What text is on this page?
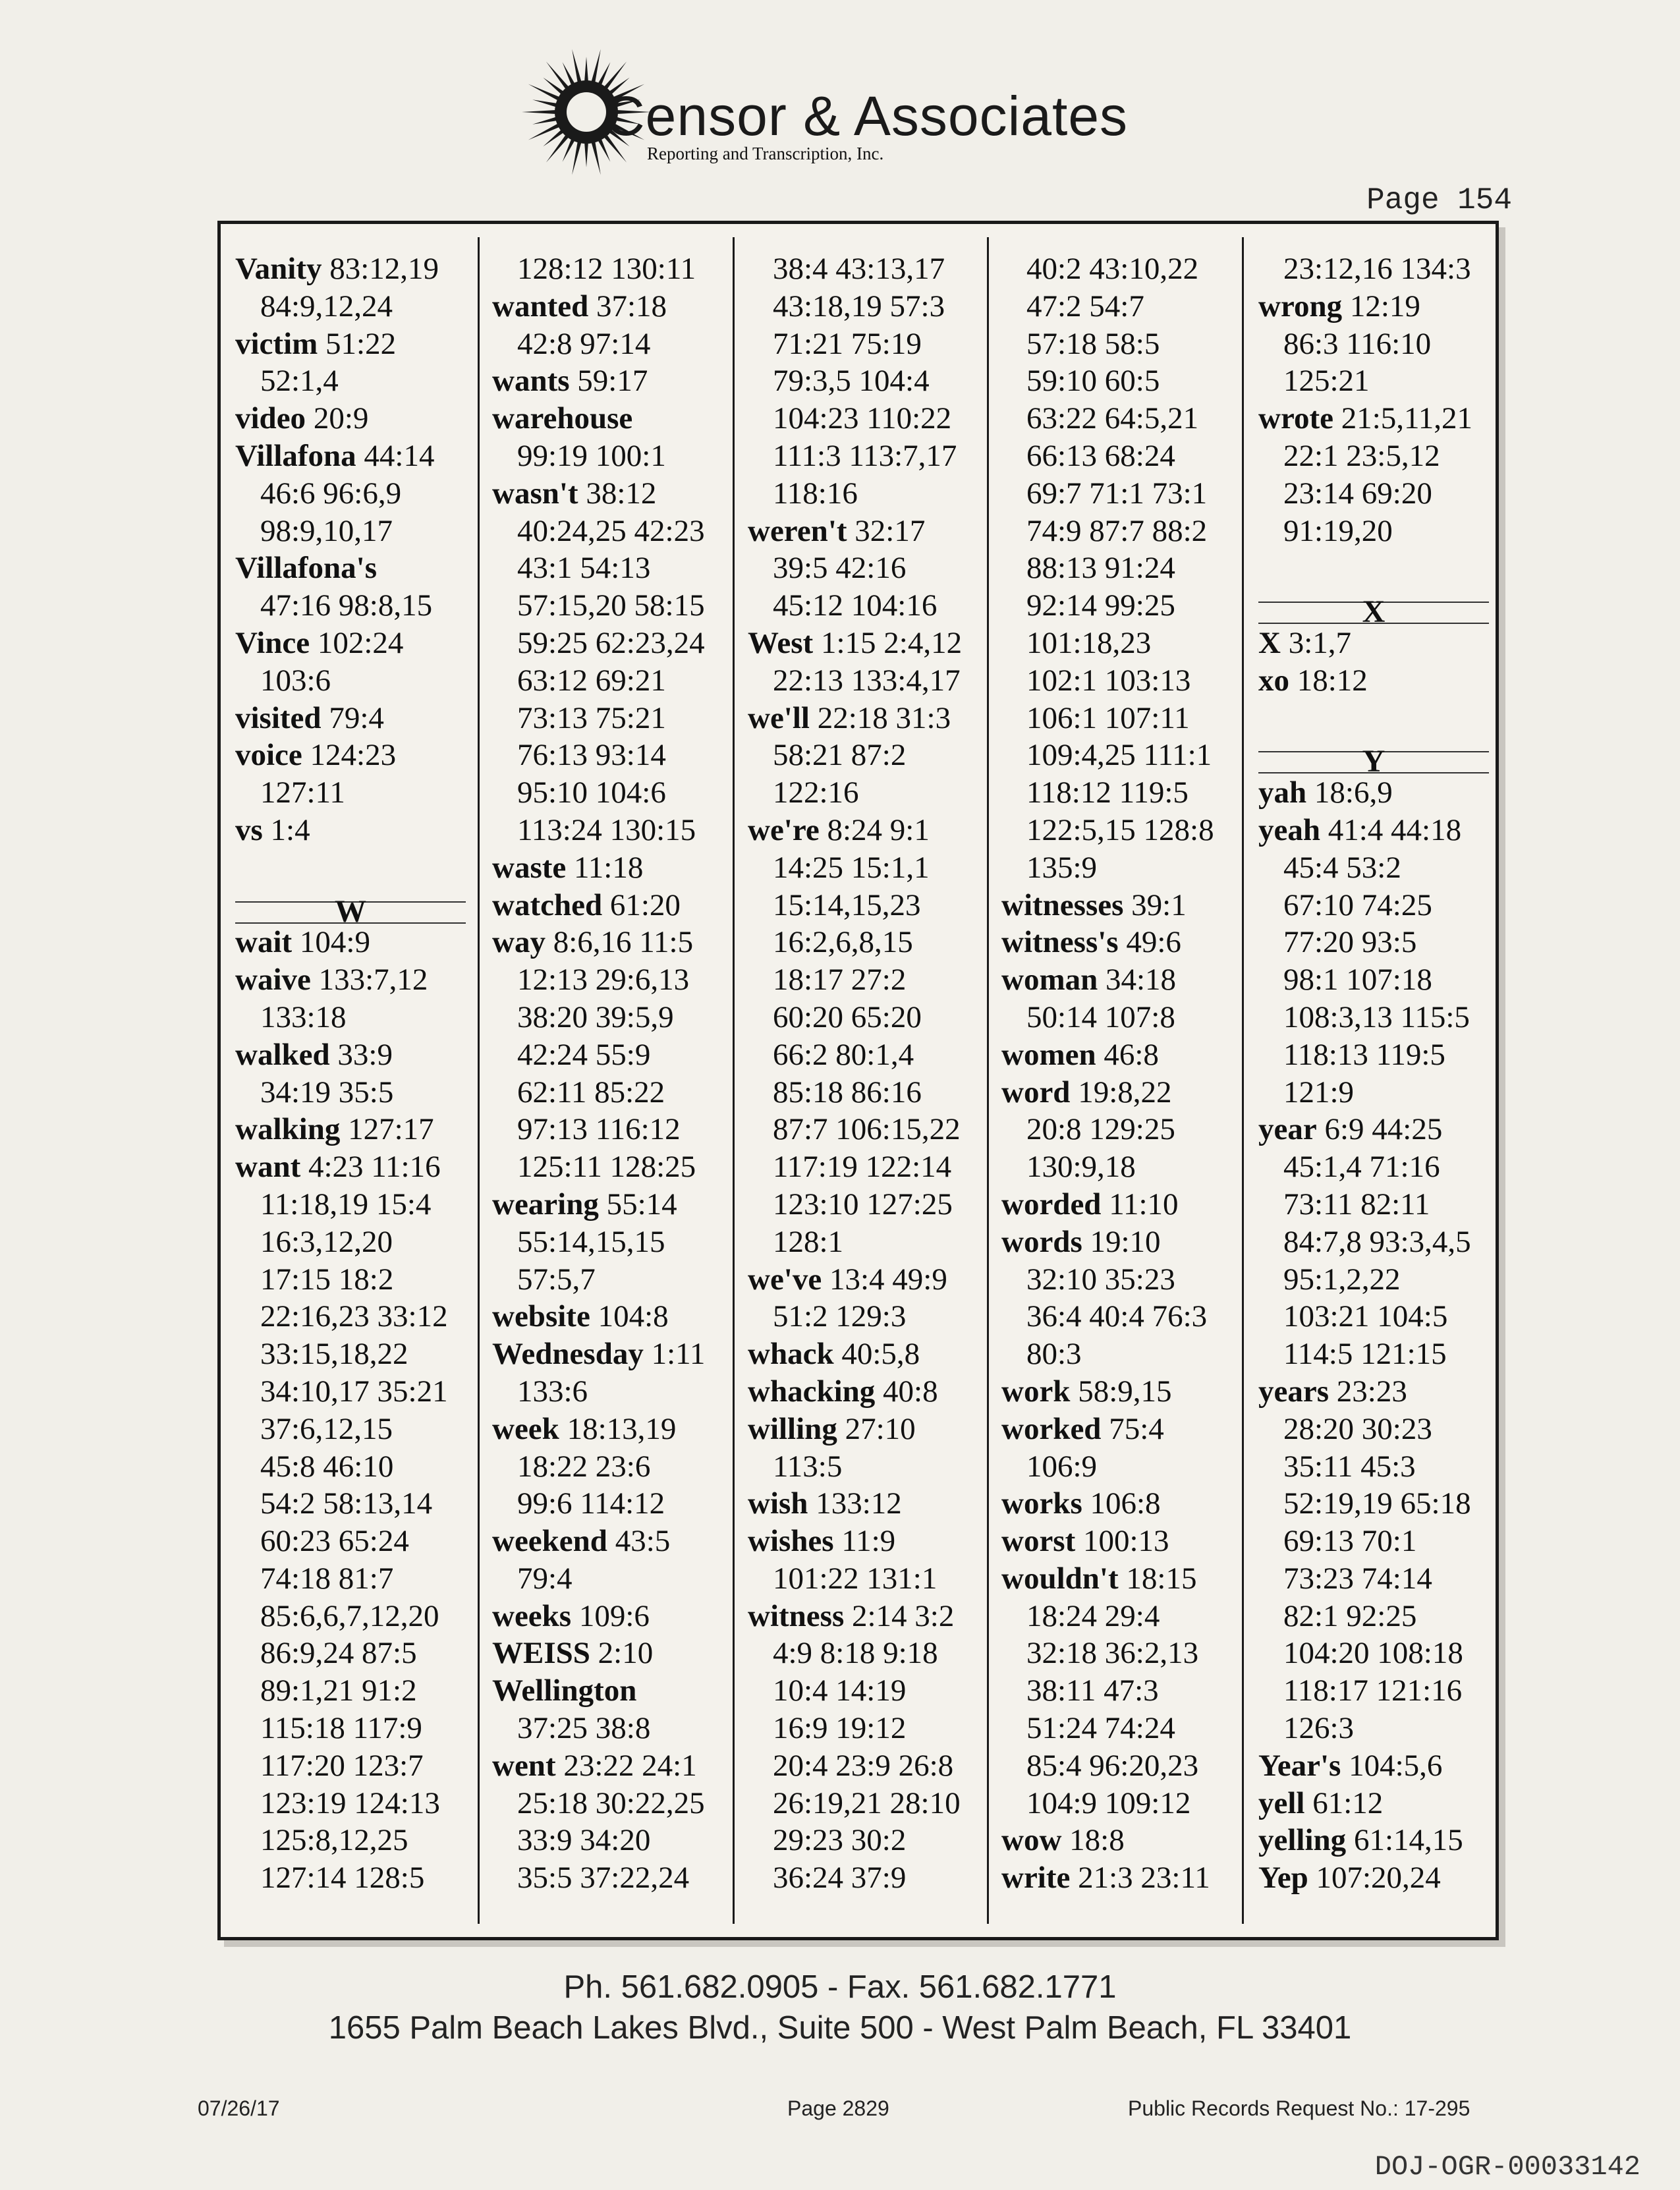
Censor & Associates
Reporting and Transcription, Inc.
Page 154
Vanity 83:12,19
84:9,12,24
victim 51:22
52:1,4
video 20:9
Villafona 44:14
46:6 96:6,9
98:9,10,17
Villafona's
47:16 98:8,15
Vince 102:24
103:6
visited 79:4
voice 124:23
127:11
vs 1:4

W
wait 104:9
waive 133:7,12
133:18
walked 33:9
34:19 35:5
walking 127:17
want 4:23 11:16
11:18,19 15:4
16:3,12,20
17:15 18:2
22:16,23 33:12
33:15,18,22
34:10,17 35:21
37:6,12,15
45:8 46:10
54:2 58:13,14
60:23 65:24
74:18 81:7
85:6,6,7,12,20
86:9,24 87:5
89:1,21 91:2
115:18 117:9
117:20 123:7
123:19 124:13
125:8,12,25
127:14 128:5
128:12 130:11
wanted 37:18
42:8 97:14
wants 59:17
warehouse
99:19 100:1
wasn't 38:12
40:24,25 42:23
43:1 54:13
57:15,20 58:15
59:25 62:23,24
63:12 69:21
73:13 75:21
76:13 93:14
95:10 104:6
113:24 130:15
waste 11:18
watched 61:20
way 8:6,16 11:5
12:13 29:6,13
38:20 39:5,9
42:24 55:9
62:11 85:22
97:13 116:12
125:11 128:25
wearing 55:14
55:14,15,15
57:5,7
website 104:8
Wednesday 1:11
133:6
week 18:13,19
18:22 23:6
99:6 114:12
weekend 43:5
79:4
weeks 109:6
WEISS 2:10
Wellington
37:25 38:8
went 23:22 24:1
25:18 30:22,25
33:9 34:20
35:5 37:22,24
38:4 43:13,17
43:18,19 57:3
71:21 75:19
79:3,5 104:4
104:23 110:22
111:3 113:7,17
118:16
weren't 32:17
39:5 42:16
45:12 104:16
West 1:15 2:4,12
22:13 133:4,17
we'll 22:18 31:3
58:21 87:2
122:16
we're 8:24 9:1
14:25 15:1,1
15:14,15,23
16:2,6,8,15
18:17 27:2
60:20 65:20
66:2 80:1,4
85:18 86:16
87:7 106:15,22
117:19 122:14
123:10 127:25
128:1
we've 13:4 49:9
51:2 129:3
whack 40:5,8
whacking 40:8
willing 27:10
113:5
wish 133:12
wishes 11:9
101:22 131:1
witness 2:14 3:2
4:9 8:18 9:18
10:4 14:19
16:9 19:12
20:4 23:9 26:8
26:19,21 28:10
29:23 30:2
36:24 37:9
40:2 43:10,22
47:2 54:7
57:18 58:5
59:10 60:5
63:22 64:5,21
66:13 68:24
69:7 71:1 73:1
74:9 87:7 88:2
88:13 91:24
92:14 99:25
101:18,23
102:1 103:13
106:1 107:11
109:4,25 111:1
118:12 119:5
122:5,15 128:8
135:9
witnesses 39:1
witness's 49:6
woman 34:18
50:14 107:8
women 46:8
word 19:8,22
20:8 129:25
130:9,18
worded 11:10
words 19:10
32:10 35:23
36:4 40:4 76:3
80:3
work 58:9,15
worked 75:4
106:9
works 106:8
worst 100:13
wouldn't 18:15
18:24 29:4
32:18 36:2,13
38:11 47:3
51:24 74:24
85:4 96:20,23
104:9 109:12
wow 18:8
write 21:3 23:11
23:12,16 134:3
wrong 12:19
86:3 116:10
125:21
wrote 21:5,11,21
22:1 23:5,12
23:14 69:20
91:19,20

X
X 3:1,7
xo 18:12

Y
yah 18:6,9
yeah 41:4 44:18
45:4 53:2
67:10 74:25
77:20 93:5
98:1 107:18
108:3,13 115:5
118:13 119:5
121:9
year 6:9 44:25
45:1,4 71:16
73:11 82:11
84:7,8 93:3,4,5
95:1,2,22
103:21 104:5
114:5 121:15
years 23:23
28:20 30:23
35:11 45:3
52:19,19 65:18
69:13 70:1
73:23 74:14
82:1 92:25
104:20 108:18
118:17 121:16
126:3
Year's 104:5,6
yell 61:12
yelling 61:14,15
Yep 107:20,24
Ph. 561.682.0905 - Fax. 561.682.1771
1655 Palm Beach Lakes Blvd., Suite 500 - West Palm Beach, FL 33401
07/26/17	Page 2829	Public Records Request No.: 17-295
DOJ-OGR-00033142
